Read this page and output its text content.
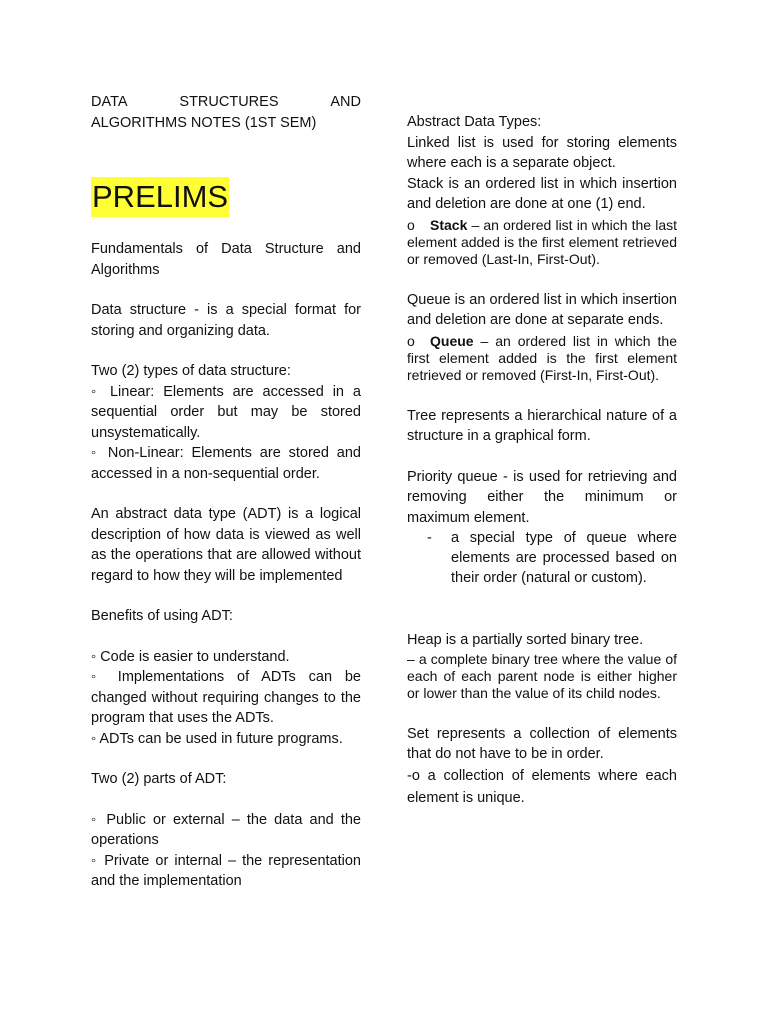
DATA STRUCTURES AND

ALGORITHMS NOTES (1ST SEM)

PRELIMS

Fundamentals of Data Structure and Algorithms

Data structure - is a special format for storing and organizing data.

Two (2) types of data structure:

◦ Linear: Elements are accessed in a sequential order but may be stored unsystematically.

◦ Non-Linear: Elements are stored and accessed in a non-sequential order.

An abstract data type (ADT) is a logical description of how data is viewed as well as the operations that are allowed without regard to how they will be implemented

Benefits of using ADT:

◦ Code is easier to understand.

◦ Implementations of ADTs can be changed without requiring changes to the program that uses the ADTs.

◦ ADTs can be used in future programs.

Two (2) parts of ADT:

◦ Public or external – the data and the operations

◦ Private or internal – the representation and the implementation

Abstract Data Types:

Linked list is used for storing elements where each is a separate object.

Stack is an ordered list in which insertion and deletion are done at one (1) end.

o Stack – an ordered list in which the last element added is the first element retrieved or removed (Last-In, First-Out).

Queue is an ordered list in which insertion and deletion are done at separate ends.

o Queue – an ordered list in which the first element added is the first element retrieved or removed (First-In, First-Out).

Tree represents a hierarchical nature of a structure in a graphical form.

Priority queue - is used for retrieving and removing either the minimum or maximum element.

-	a special type of queue where elements are processed based on their order (natural or custom).

Heap is a partially sorted binary tree.

– a complete binary tree where the value of each of each parent node is either higher or lower than the value of its child nodes.

Set represents a collection of elements that do not have to be in order.

-o a collection of elements where each element is unique.
